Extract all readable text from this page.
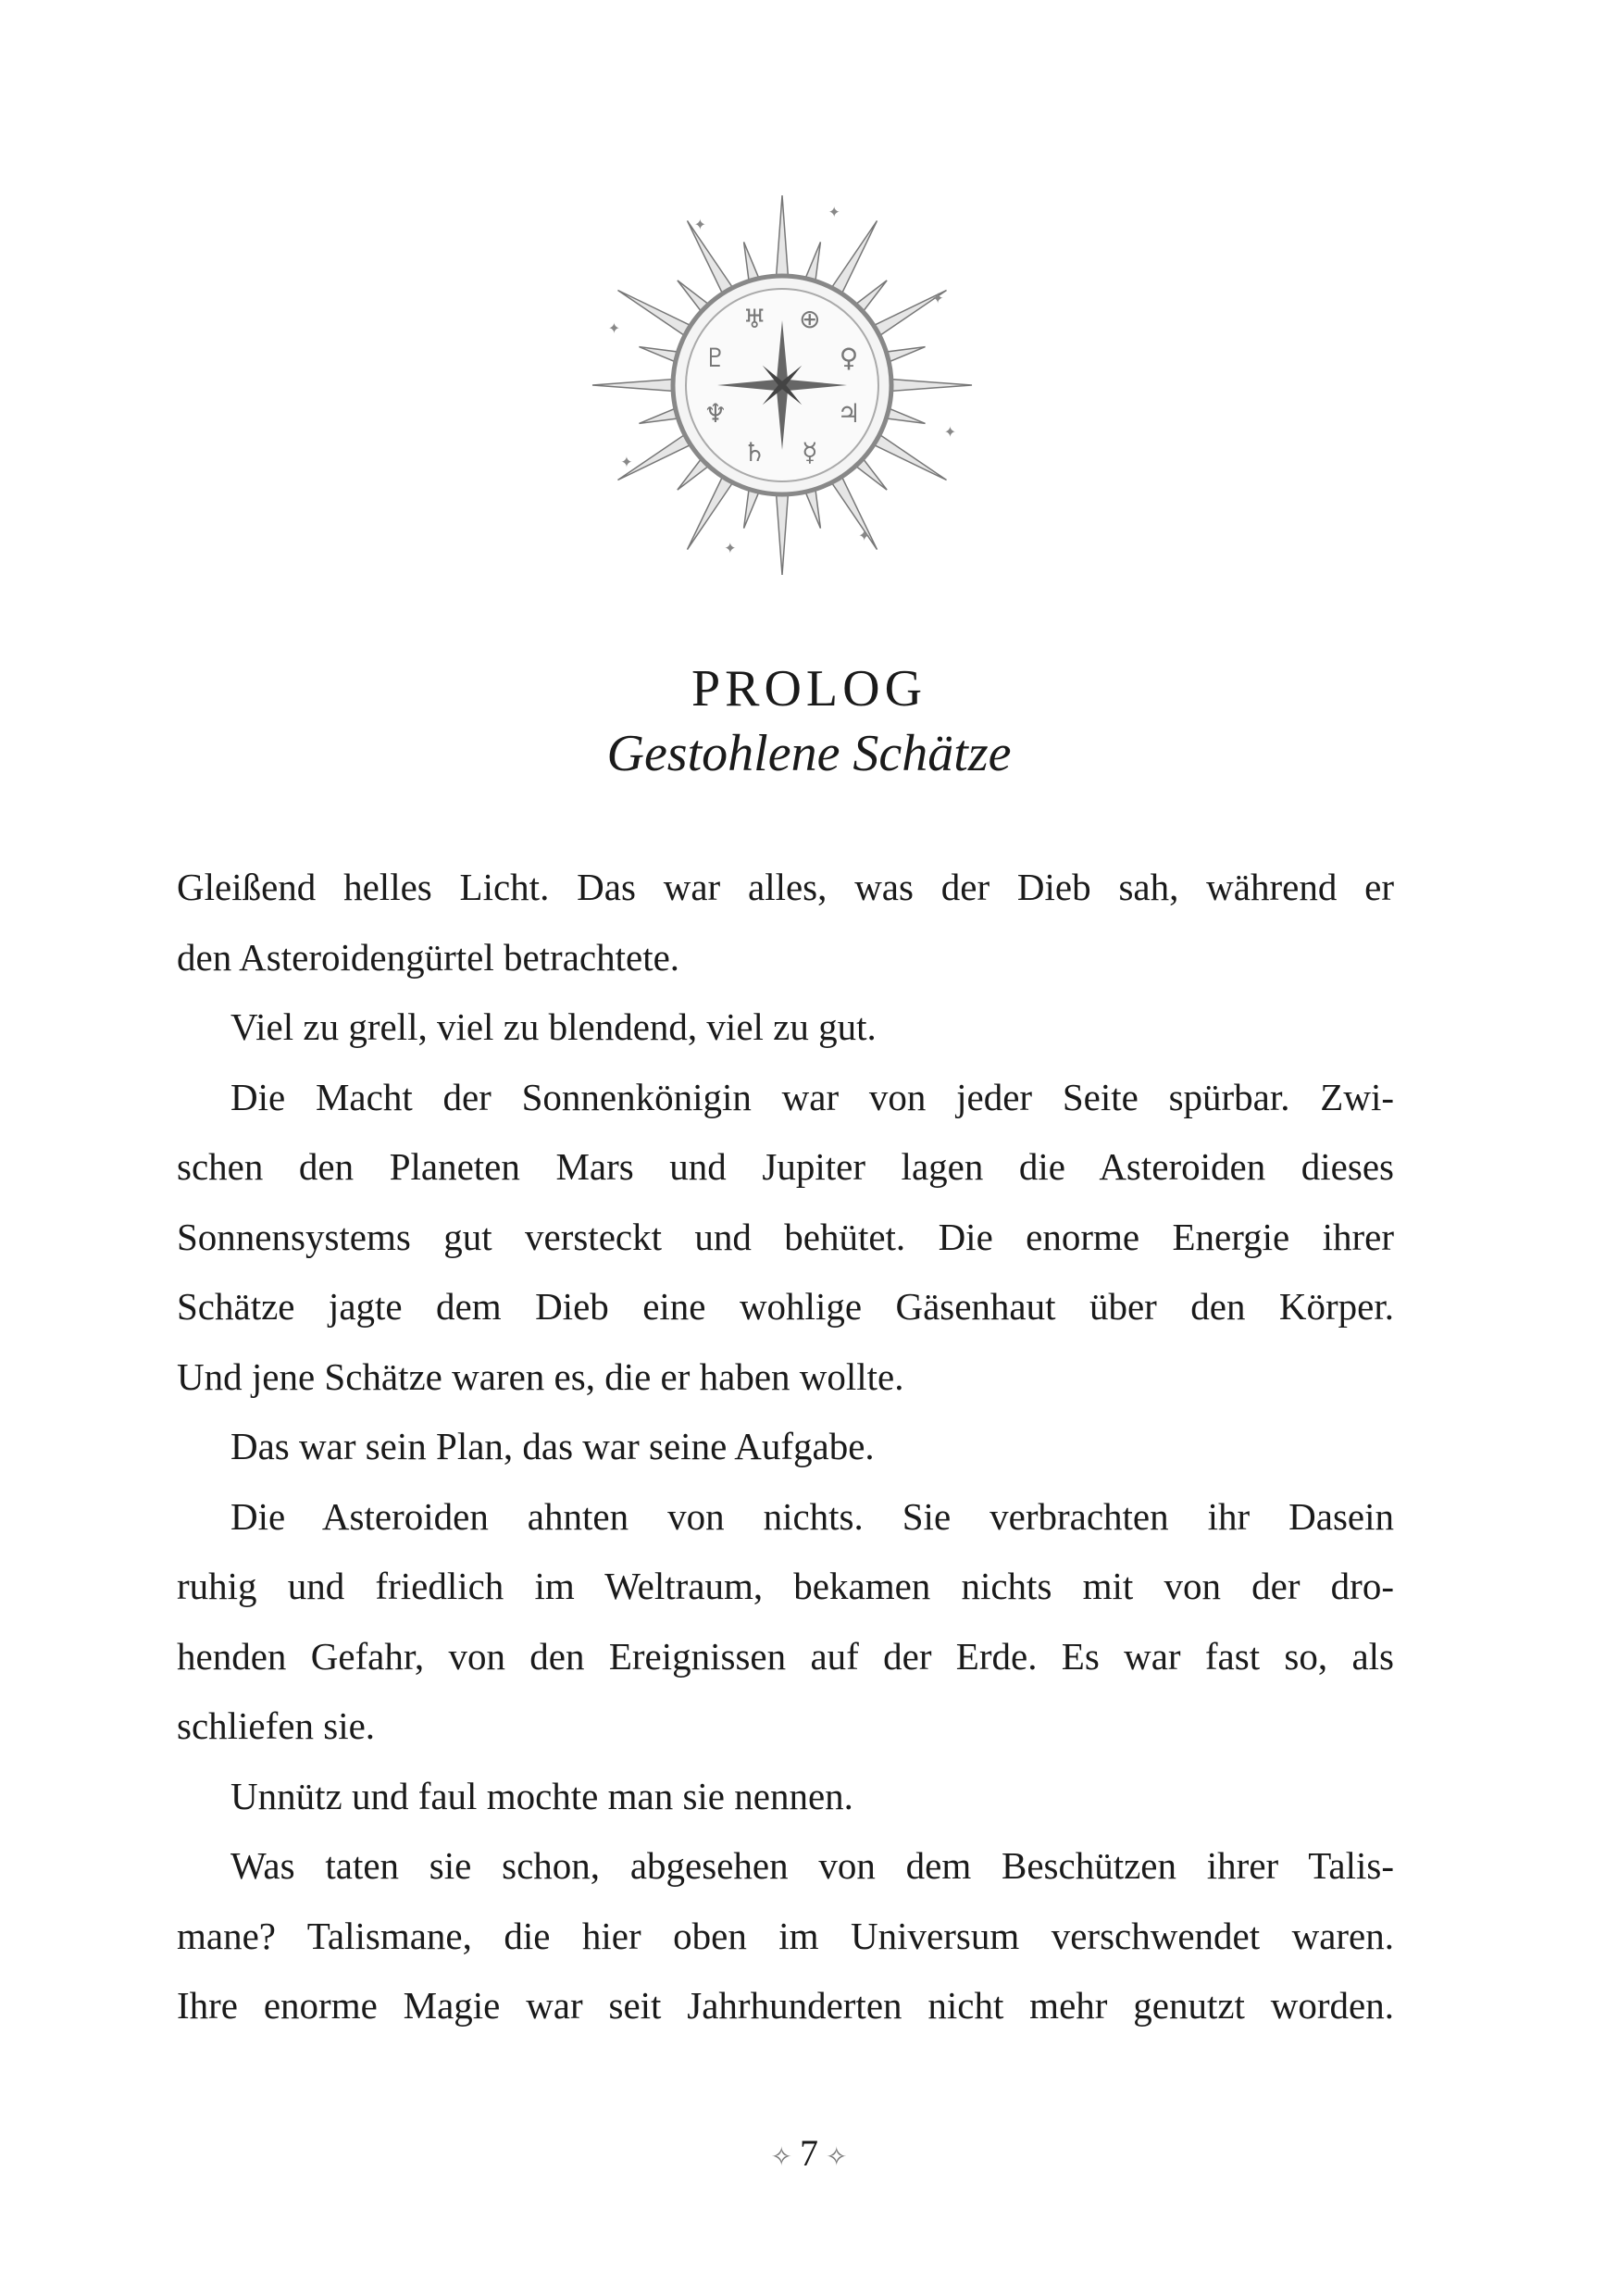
✦
✦
✦
✦
✦
✦
✦
✦
⊕
♀
♃
☿
♄
♆
♇
♅
PROLOG
Gestohlene Schätze
Gleißend helles Licht. Das war alles, was der Dieb sah, während er
den Asteroidengürtel betrachtete.
Viel zu grell, viel zu blendend, viel zu gut.
Die Macht der Sonnenkönigin war von jeder Seite spürbar. Zwi-
schen den Planeten Mars und Jupiter lagen die Asteroiden dieses
Sonnensystems gut versteckt und behütet. Die enorme Energie ihrer
Schätze jagte dem Dieb eine wohlige Gäsenhaut über den Körper.
Und jene Schätze waren es, die er haben wollte.
Das war sein Plan, das war seine Aufgabe.
Die Asteroiden ahnten von nichts. Sie verbrachten ihr Dasein
ruhig und friedlich im Weltraum, bekamen nichts mit von der dro-
henden Gefahr, von den Ereignissen auf der Erde. Es war fast so, als
schliefen sie.
Unnütz und faul mochte man sie nennen.
Was taten sie schon, abgesehen von dem Beschützen ihrer Talis-
mane? Talismane, die hier oben im Universum verschwendet waren.
Ihre enorme Magie war seit Jahrhunderten nicht mehr genutzt worden.
✧ 7 ✧
